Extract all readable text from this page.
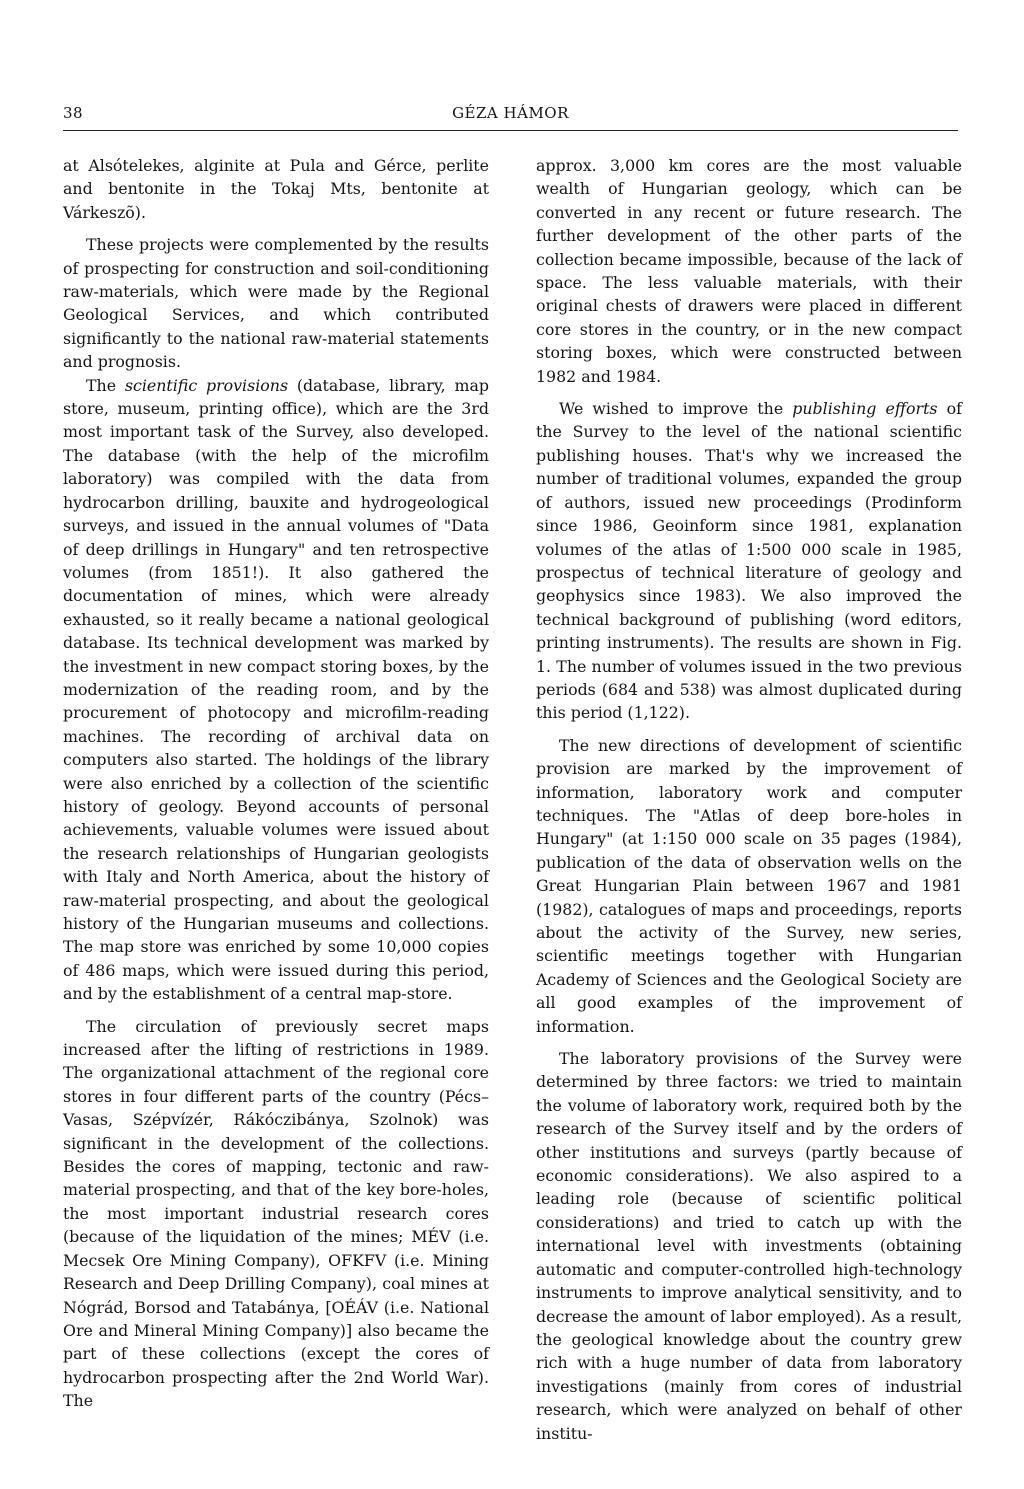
38	GÉZA HÁMOR

at Alsótelekes, alginite at Pula and Gérce, perlite and bentonite in the Tokaj Mts, bentonite at Várkeszõ).

These projects were complemented by the results of prospecting for construction and soil-conditioning raw-materials, which were made by the Regional Geological Services, and which contributed significantly to the national raw-material statements and prognosis.

The scientific provisions (database, library, map store, museum, printing office), which are the 3rd most important task of the Survey, also developed. The database (with the help of the microfilm laboratory) was compiled with the data from hydrocarbon drilling, bauxite and hydrogeological surveys, and issued in the annual volumes of "Data of deep drillings in Hungary" and ten retrospective volumes (from 1851!). It also gathered the documentation of mines, which were already exhausted, so it really became a national geological database. Its technical development was marked by the investment in new compact storing boxes, by the modernization of the reading room, and by the procurement of photocopy and microfilm-reading machines. The recording of archival data on computers also started. The holdings of the library were also enriched by a collection of the scientific history of geology. Beyond accounts of personal achievements, valuable volumes were issued about the research relationships of Hungarian geologists with Italy and North America, about the history of raw-material prospecting, and about the geological history of the Hungarian museums and collections. The map store was enriched by some 10,000 copies of 486 maps, which were issued during this period, and by the establishment of a central map-store.

The circulation of previously secret maps increased after the lifting of restrictions in 1989. The organizational attachment of the regional core stores in four different parts of the country (Pécs–Vasas, Szépvízér, Rákóczibánya, Szolnok) was significant in the development of the collections. Besides the cores of mapping, tectonic and raw-material prospecting, and that of the key bore-holes, the most important industrial research cores (because of the liquidation of the mines; MÉV (i.e. Mecsek Ore Mining Company), OFKFV (i.e. Mining Research and Deep Drilling Company), coal mines at Nógrád, Borsod and Tatabánya, [OÉÁV (i.e. National Ore and Mineral Mining Company)] also became the part of these collections (except the cores of hydrocarbon prospecting after the 2nd World War). The

approx. 3,000 km cores are the most valuable wealth of Hungarian geology, which can be converted in any recent or future research. The further development of the other parts of the collection became impossible, because of the lack of space. The less valuable materials, with their original chests of drawers were placed in different core stores in the country, or in the new compact storing boxes, which were constructed between 1982 and 1984.

We wished to improve the publishing efforts of the Survey to the level of the national scientific publishing houses. That's why we increased the number of traditional volumes, expanded the group of authors, issued new proceedings (Prodinform since 1986, Geoinform since 1981, explanation volumes of the atlas of 1:500 000 scale in 1985, prospectus of technical literature of geology and geophysics since 1983). We also improved the technical background of publishing (word editors, printing instruments). The results are shown in Fig. 1. The number of volumes issued in the two previous periods (684 and 538) was almost duplicated during this period (1,122).

The new directions of development of scientific provision are marked by the improvement of information, laboratory work and computer techniques. The "Atlas of deep bore-holes in Hungary" (at 1:150 000 scale on 35 pages (1984), publication of the data of observation wells on the Great Hungarian Plain between 1967 and 1981 (1982), catalogues of maps and proceedings, reports about the activity of the Survey, new series, scientific meetings together with Hungarian Academy of Sciences and the Geological Society are all good examples of the improvement of information.

The laboratory provisions of the Survey were determined by three factors: we tried to maintain the volume of laboratory work, required both by the research of the Survey itself and by the orders of other institutions and surveys (partly because of economic considerations). We also aspired to a leading role (because of scientific political considerations) and tried to catch up with the international level with investments (obtaining automatic and computer-controlled high-technology instruments to improve analytical sensitivity, and to decrease the amount of labor employed). As a result, the geological knowledge about the country grew rich with a huge number of data from laboratory investigations (mainly from cores of industrial research, which were analyzed on behalf of other institu-
